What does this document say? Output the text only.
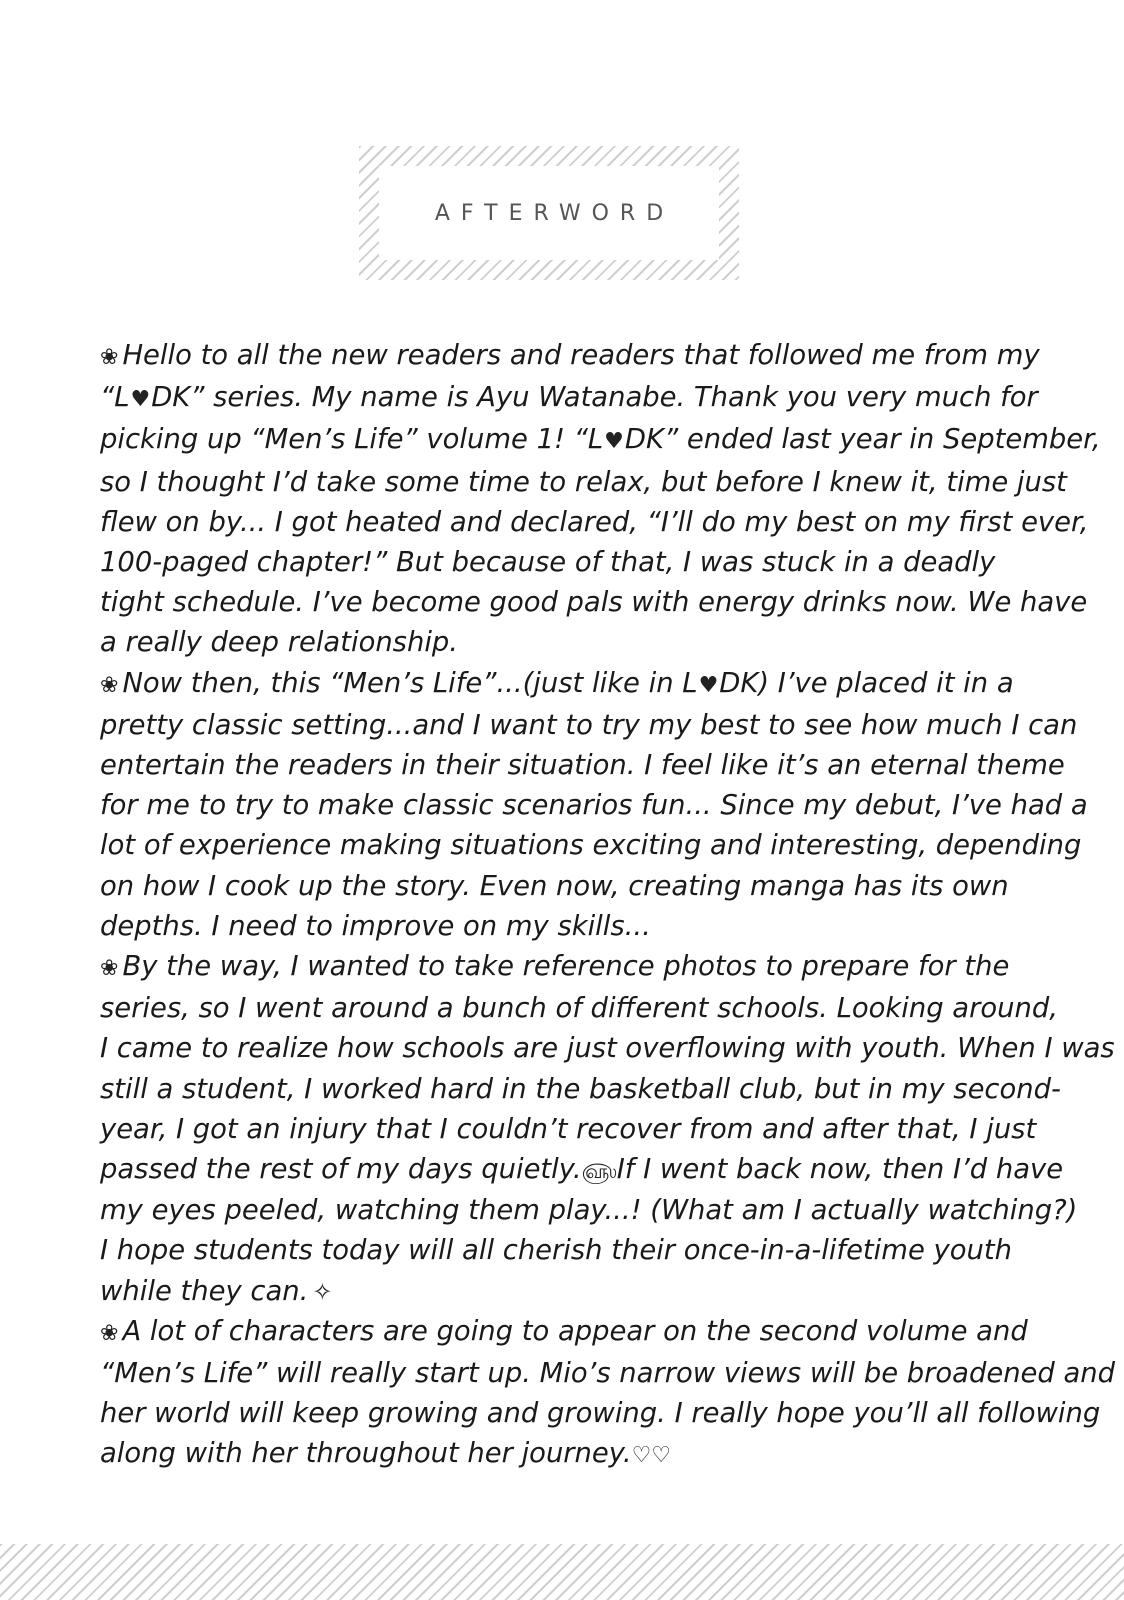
AFTERWORD
❀ Hello to all the new readers and readers that followed me from my
“L♥DK” series. My name is Ayu Watanabe. Thank you very much for
picking up “Men’s Life” volume 1! “L♥DK” ended last year in September,
so I thought I’d take some time to relax, but before I knew it, time just
flew on by... I got heated and declared, “I’ll do my best on my first ever,
100-paged chapter!” But because of that, I was stuck in a deadly
tight schedule. I’ve become good pals with energy drinks now. We have
a really deep relationship.
❀ Now then, this “Men’s Life”...(just like in L♥DK) I’ve placed it in a
pretty classic setting...and I want to try my best to see how much I can
entertain the readers in their situation. I feel like it’s an eternal theme
for me to try to make classic scenarios fun... Since my debut, I’ve had a
lot of experience making situations exciting and interesting, depending
on how I cook up the story. Even now, creating manga has its own
depths. I need to improve on my skills...
❀ By the way, I wanted to take reference photos to prepare for the
series, so I went around a bunch of different schools. Looking around,
I came to realize how schools are just overflowing with youth. When I was
still a student, I worked hard in the basketball club, but in my second-
year, I got an injury that I couldn’t recover from and after that, I just
passed the rest of my days quietly.௵If I went back now, then I’d have
my eyes peeled, watching them play...! (What am I actually watching?)
I hope students today will all cherish their once-in-a-lifetime youth
while they can. ✧
❀ A lot of characters are going to appear on the second volume and
“Men’s Life” will really start up. Mio’s narrow views will be broadened and
her world will keep growing and growing. I really hope you’ll all following
along with her throughout her journey.♡♡
